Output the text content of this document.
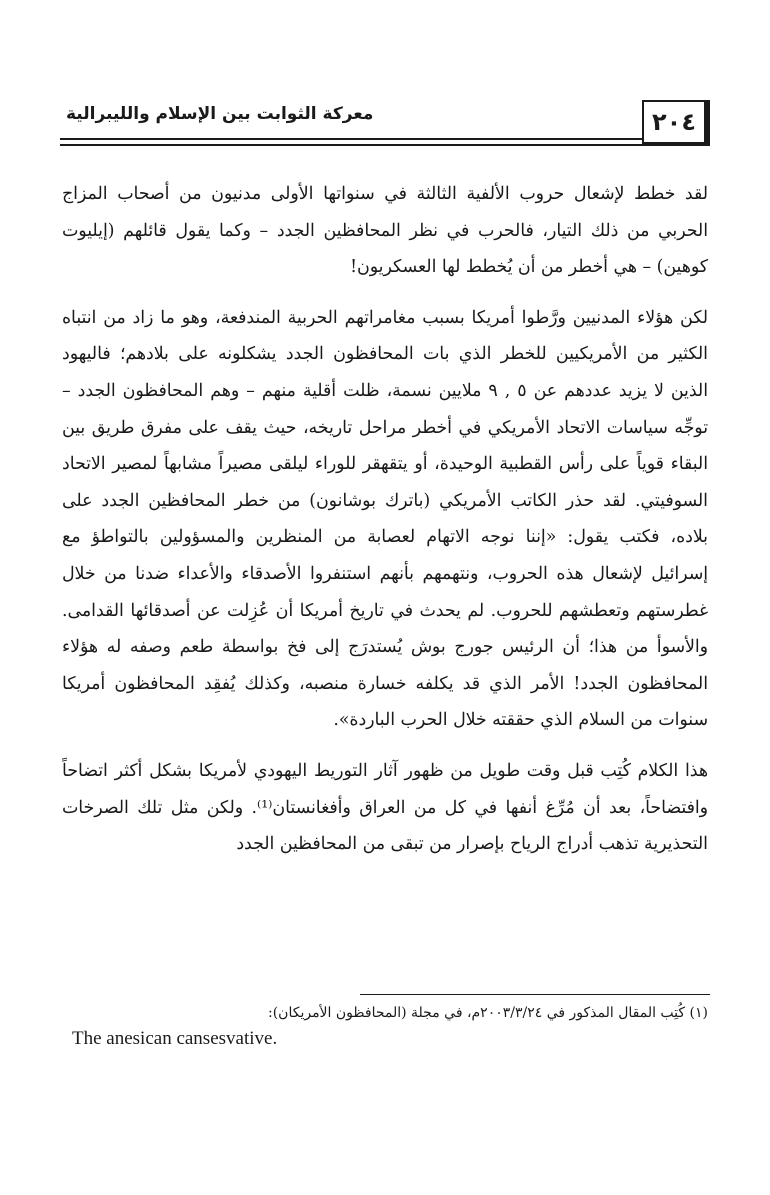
معركة الثوابت بين الإسلام والليبرالية	٢٠٤

لقد خطط لإشعال حروب الألفية الثالثة في سنواتها الأولى مدنيون من أصحاب المزاج الحربي من ذلك التيار، فالحرب في نظر المحافظين الجدد – وكما يقول قائلهم (إيليوت كوهين) – هي أخطر من أن يُخطط لها العسكريون!

لكن هؤلاء المدنيين ورَّطوا أمريكا بسبب مغامراتهم الحربية المندفعة، وهو ما زاد من انتباه الكثير من الأمريكيين للخطر الذي بات المحافظون الجدد يشكلونه على بلادهم؛ فاليهود الذين لا يزيد عددهم عن ٥ , ٩ ملايين نسمة، ظلت أقلية منهم – وهم المحافظون الجدد – توجِّه سياسات الاتحاد الأمريكي في أخطر مراحل تاريخه، حيث يقف على مفرق طريق بين البقاء قوياً على رأس القطبية الوحيدة، أو يتقهقر للوراء ليلقى مصيراً مشابهاً لمصير الاتحاد السوفيتي. لقد حذر الكاتب الأمريكي (باترك بوشانون) من خطر المحافظين الجدد على بلاده، فكتب يقول: «إننا نوجه الاتهام لعصابة من المنظرين والمسؤولين بالتواطؤ مع إسرائيل لإشعال هذه الحروب، ونتهمهم بأنهم استنفروا الأصدقاء والأعداء ضدنا من خلال غطرستهم وتعطشهم للحروب. لم يحدث في تاريخ أمريكا أن عُزِلت عن أصدقائها القدامى. والأسوأ من هذا؛ أن الرئيس جورج بوش يُستدرَج إلى فخ بواسطة طعم وصفه له هؤلاء المحافظون الجدد! الأمر الذي قد يكلفه خسارة منصبه، وكذلك يُفقِد المحافظون أمريكا سنوات من السلام الذي حققته خلال الحرب الباردة».

هذا الكلام كُتِب قبل وقت طويل من ظهور آثار التوريط اليهودي لأمريكا بشكل أكثر اتضاحاً وافتضاحاً، بعد أن مُرِّغ أنفها في كل من العراق وأفغانستان⁽¹⁾. ولكن مثل تلك الصرخات التحذيرية تذهب أدراج الرياح بإصرار من تبقى من المحافظين الجدد

(١) كُتِب المقال المذكور في ٢٠٠٣/٣/٢٤م، في مجلة (المحافظون الأمريكان):
The anesican cansesvative.
